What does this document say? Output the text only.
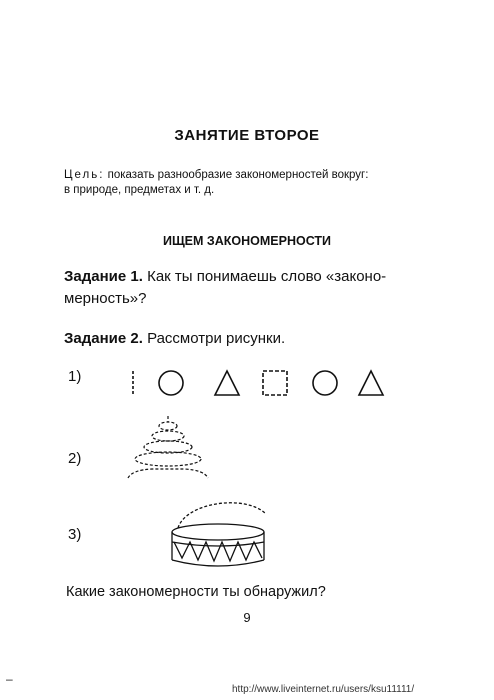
ЗАНЯТИЕ ВТОРОЕ
Цель: показать разнообразие закономерностей вокруг:
в природе, предметах и т. д.
ИЩЕМ ЗАКОНОМЕРНОСТИ
Задание 1. Как ты понимаешь слово «законо-мерность»?
Задание 2. Рассмотри рисунки.
1)
2)
3)
Какие закономерности ты обнаружил?
9
–
http://www.liveinternet.ru/users/ksu11111/
